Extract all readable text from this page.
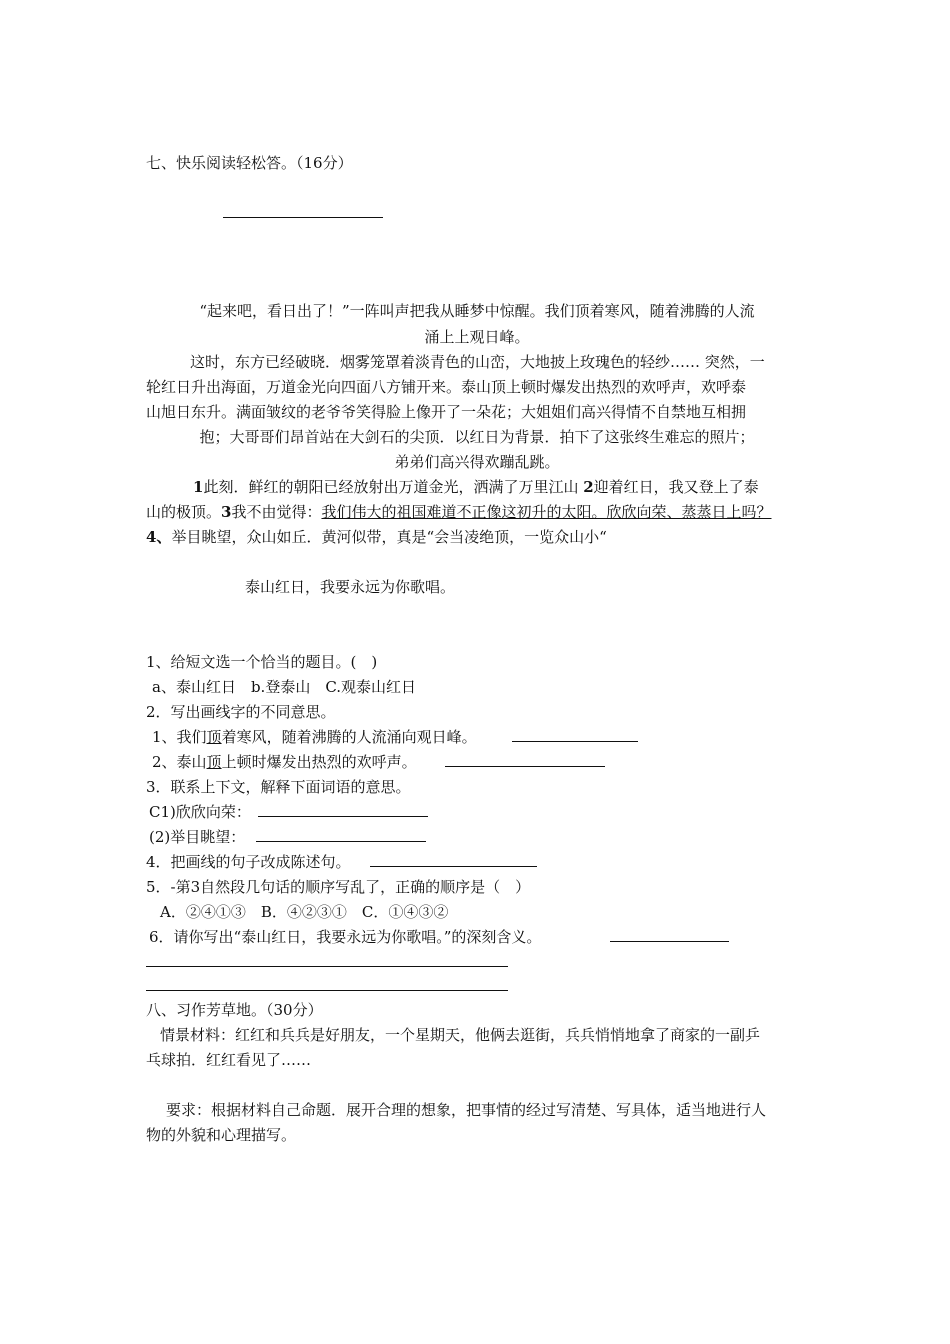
七、快乐阅读轻松答。（16分）
“起来吧，看日出了！”一阵叫声把我从睡梦中惊醒。我们顶着寒风，随着沸腾的人流
涌上上观日峰。
这时，东方已经破晓．烟雾笼罩着淡青色的山峦，大地披上玫瑰色的轻纱…… 突然，一
轮红日升出海面，万道金光向四面八方铺开来。泰山顶上顿时爆发出热烈的欢呼声，欢呼泰
山旭日东升。满面皱纹的老爷爷笑得脸上像开了一朵花；大姐姐们高兴得情不自禁地互相拥
抱；大哥哥们昂首站在大剑石的尖顶．以红日为背景．拍下了这张终生难忘的照片；
弟弟们高兴得欢蹦乱跳。
1此刻．鲜红的朝阳已经放射出万道金光，洒满了万里江山 2迎着红日，我又登上了泰
山的极顶。3我不由觉得：我们伟大的祖国难道不正像这初升的太阳。欣欣向荣、蒸蒸日上吗？
4、举目眺望，众山如丘．黄河似带，真是“会当凌绝顶，一览众山小“
泰山红日，我要永远为你歌唱。
1、给短文选一个恰当的题目。(　)
a、泰山红日　b.登泰山　C.观泰山红日
2．写出画线字的不同意思。
1、我们顶着寒风，随着沸腾的人流涌向观日峰。
2、泰山顶上顿时爆发出热烈的欢呼声。
3．联系上下文，解释下面词语的意思。
C1)欣欣向荣：
(2)举目眺望：
4．把画线的句子改成陈述句。
5．-第3自然段几句话的顺序写乱了，正确的顺序是（　）
A．②④①③　B．④②③①　C．①④③②
6．请你写出“泰山红日，我要永远为你歌唱。”的深刻含义。
八、习作芳草地。（30分）
情景材料：红红和兵兵是好朋友，一个星期天，他俩去逛街，兵兵悄悄地拿了商家的一副乒
乓球拍．红红看见了……
要求：根据材料自己命题．展开合理的想象，把事情的经过写清楚、写具体，适当地进行人
物的外貌和心理描写。
